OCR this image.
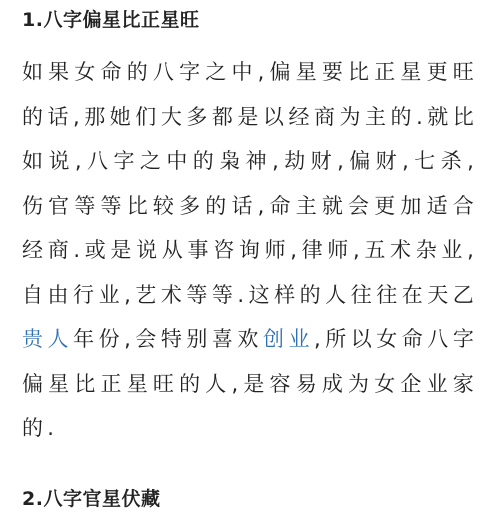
1.八字偏星比正星旺

如果女命的八字之中,偏星要比正星更旺的话,那她们大多都是以经商为主的.就比如说,八字之中的枭神,劫财,偏财,七杀,伤官等等比较多的话,命主就会更加适合经商.或是说从事咨询师,律师,五术杂业,自由行业,艺术等等.这样的人往往在天乙贵人年份,会特别喜欢创业,所以女命八字偏星比正星旺的人,是容易成为女企业家的.

2.八字官星伏藏
